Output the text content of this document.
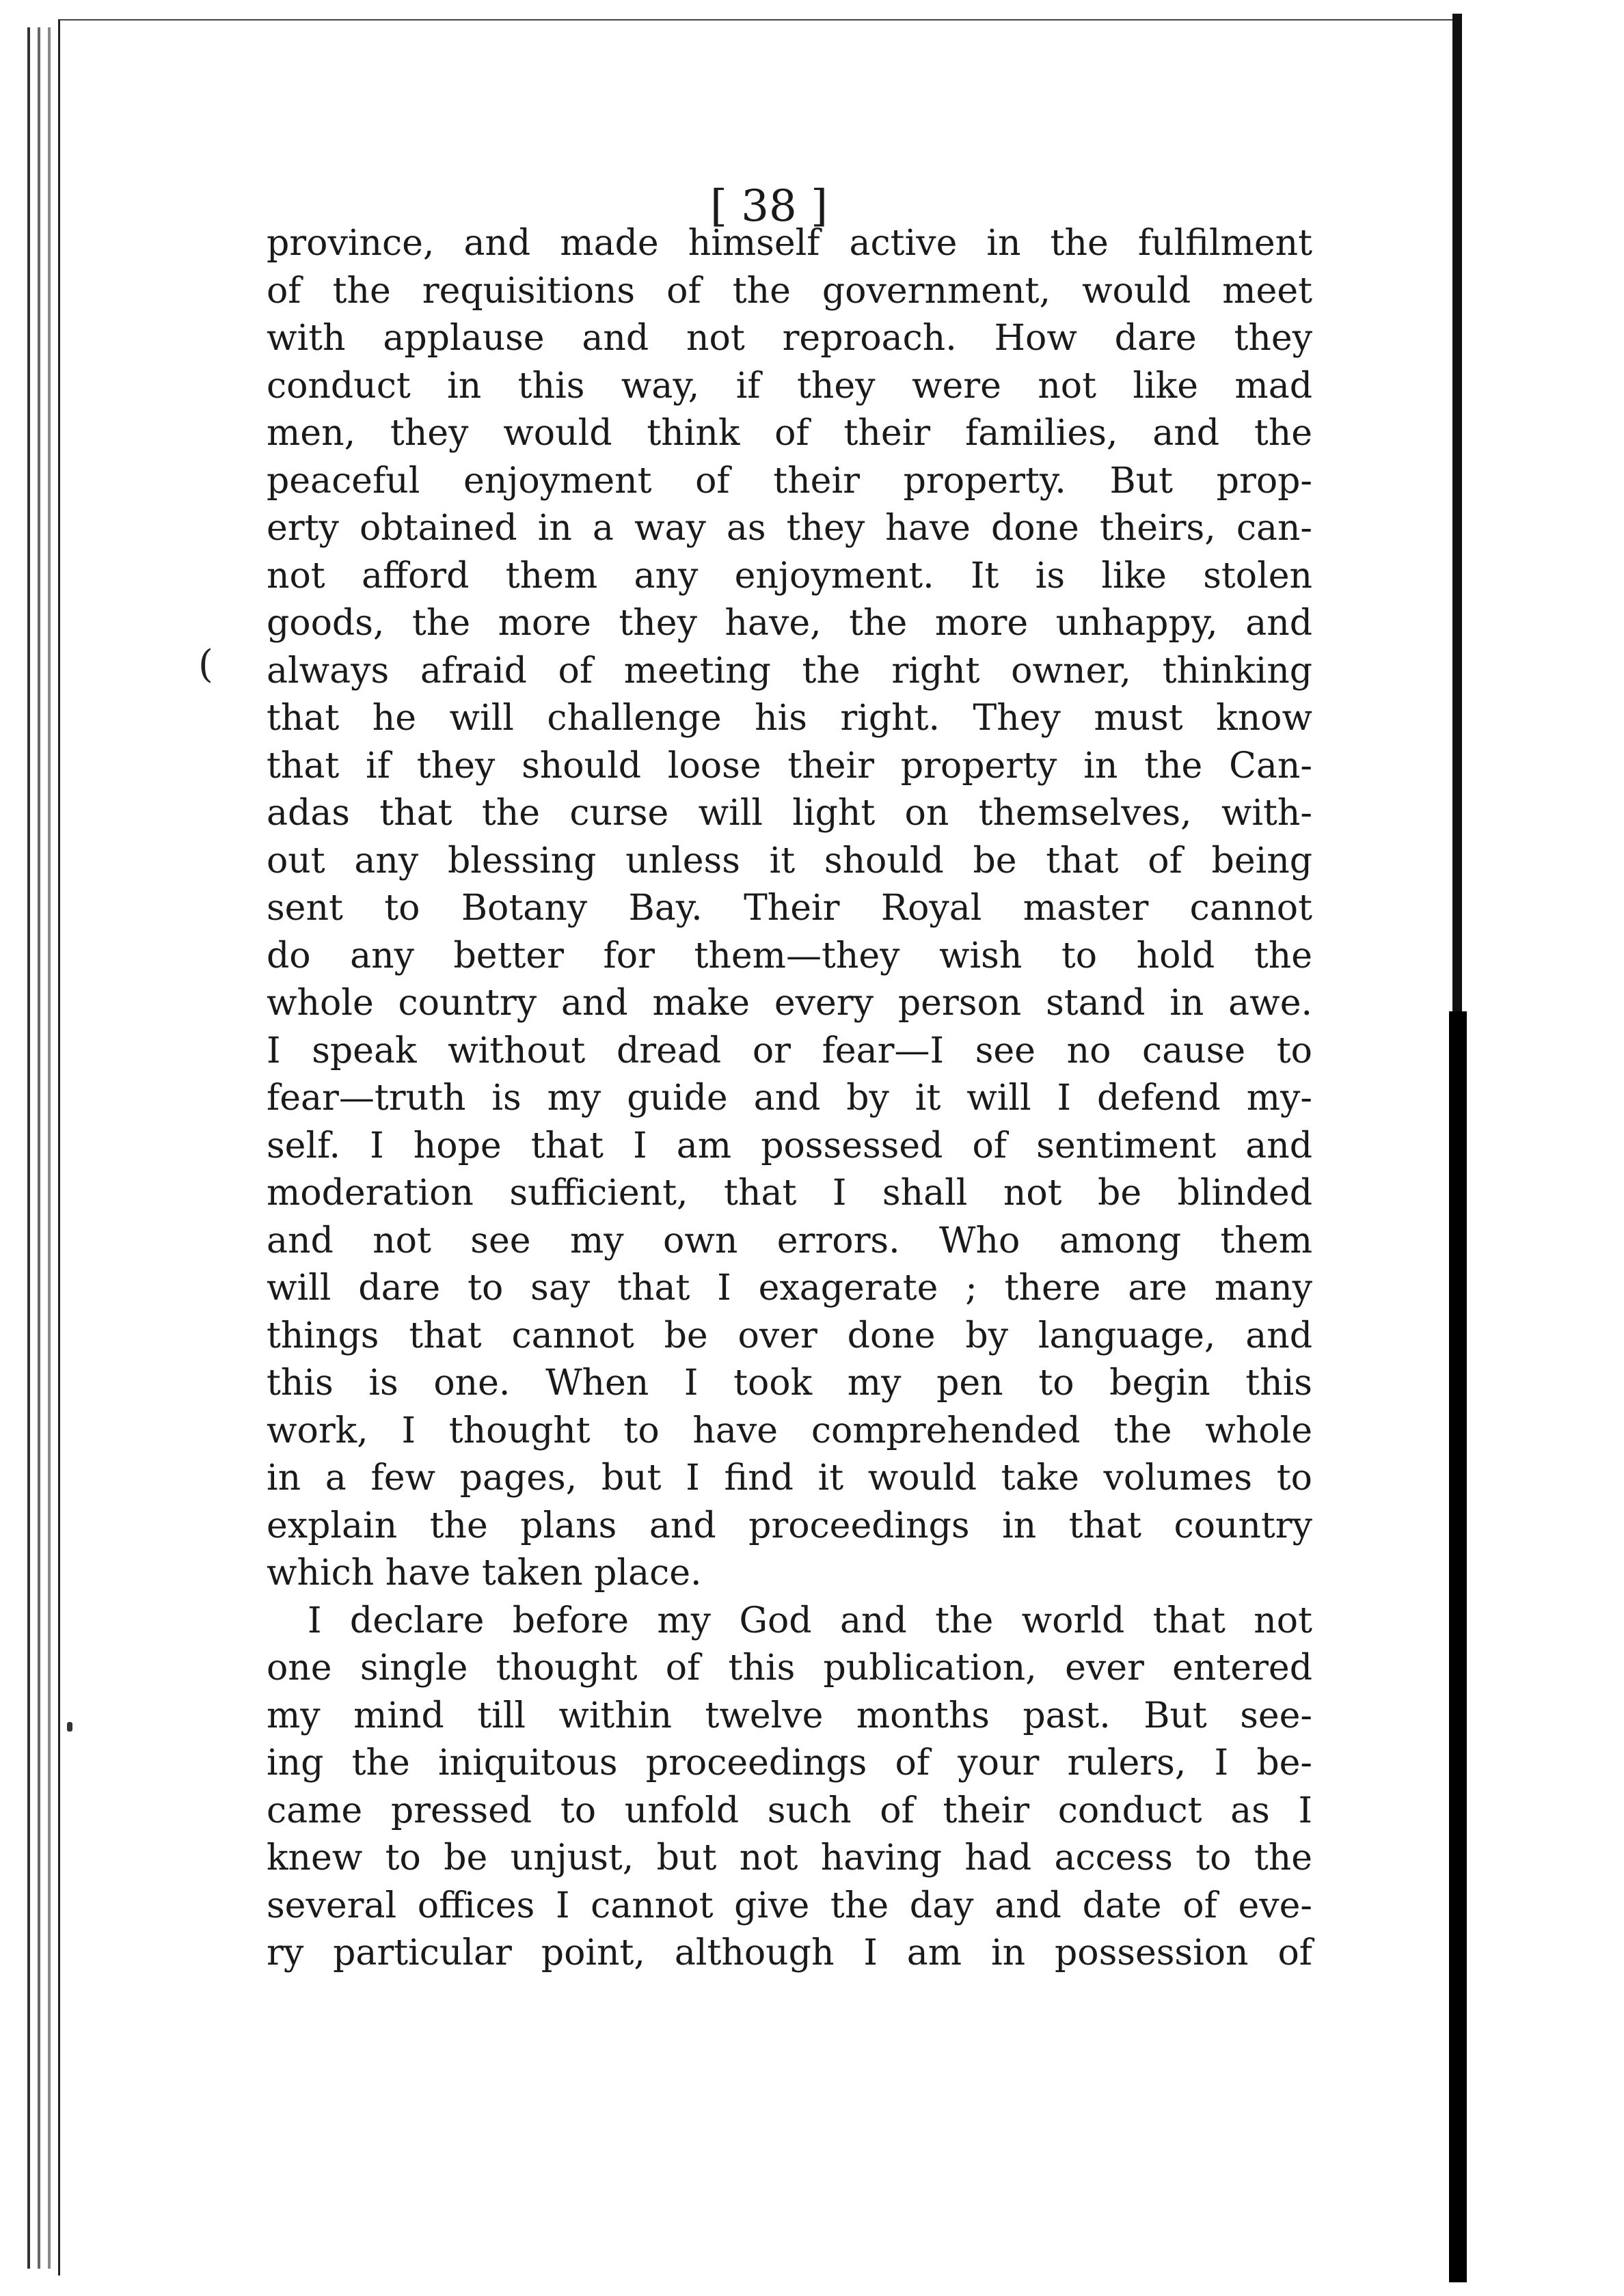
[ 38 ]
(
province, and made himself active in the fulfilment
of the requisitions of the government, would meet
with applause and not reproach. How dare they
conduct in this way, if they were not like mad
men, they would think of their families, and the
peaceful enjoyment of their property. But prop-
erty obtained in a way as they have done theirs, can-
not afford them any enjoyment. It is like stolen
goods, the more they have, the more unhappy, and
always afraid of meeting the right owner, thinking
that he will challenge his right. They must know
that if they should loose their property in the Can-
adas that the curse will light on themselves, with-
out any blessing unless it should be that of being
sent to Botany Bay. Their Royal master cannot
do any better for them—they wish to hold the
whole country and make every person stand in awe.
I speak without dread or fear—I see no cause to
fear—truth is my guide and by it will I defend my-
self. I hope that I am possessed of sentiment and
moderation sufficient, that I shall not be blinded
and not see my own errors. Who among them
will dare to say that I exagerate ; there are many
things that cannot be over done by language, and
this is one. When I took my pen to begin this
work, I thought to have comprehended the whole
in a few pages, but I find it would take volumes to
explain the plans and proceedings in that country
which have taken place.
I declare before my God and the world that not
one single thought of this publication, ever entered
my mind till within twelve months past. But see-
ing the iniquitous proceedings of your rulers, I be-
came pressed to unfold such of their conduct as I
knew to be unjust, but not having had access to the
several offices I cannot give the day and date of eve-
ry particular point, although I am in possession of
